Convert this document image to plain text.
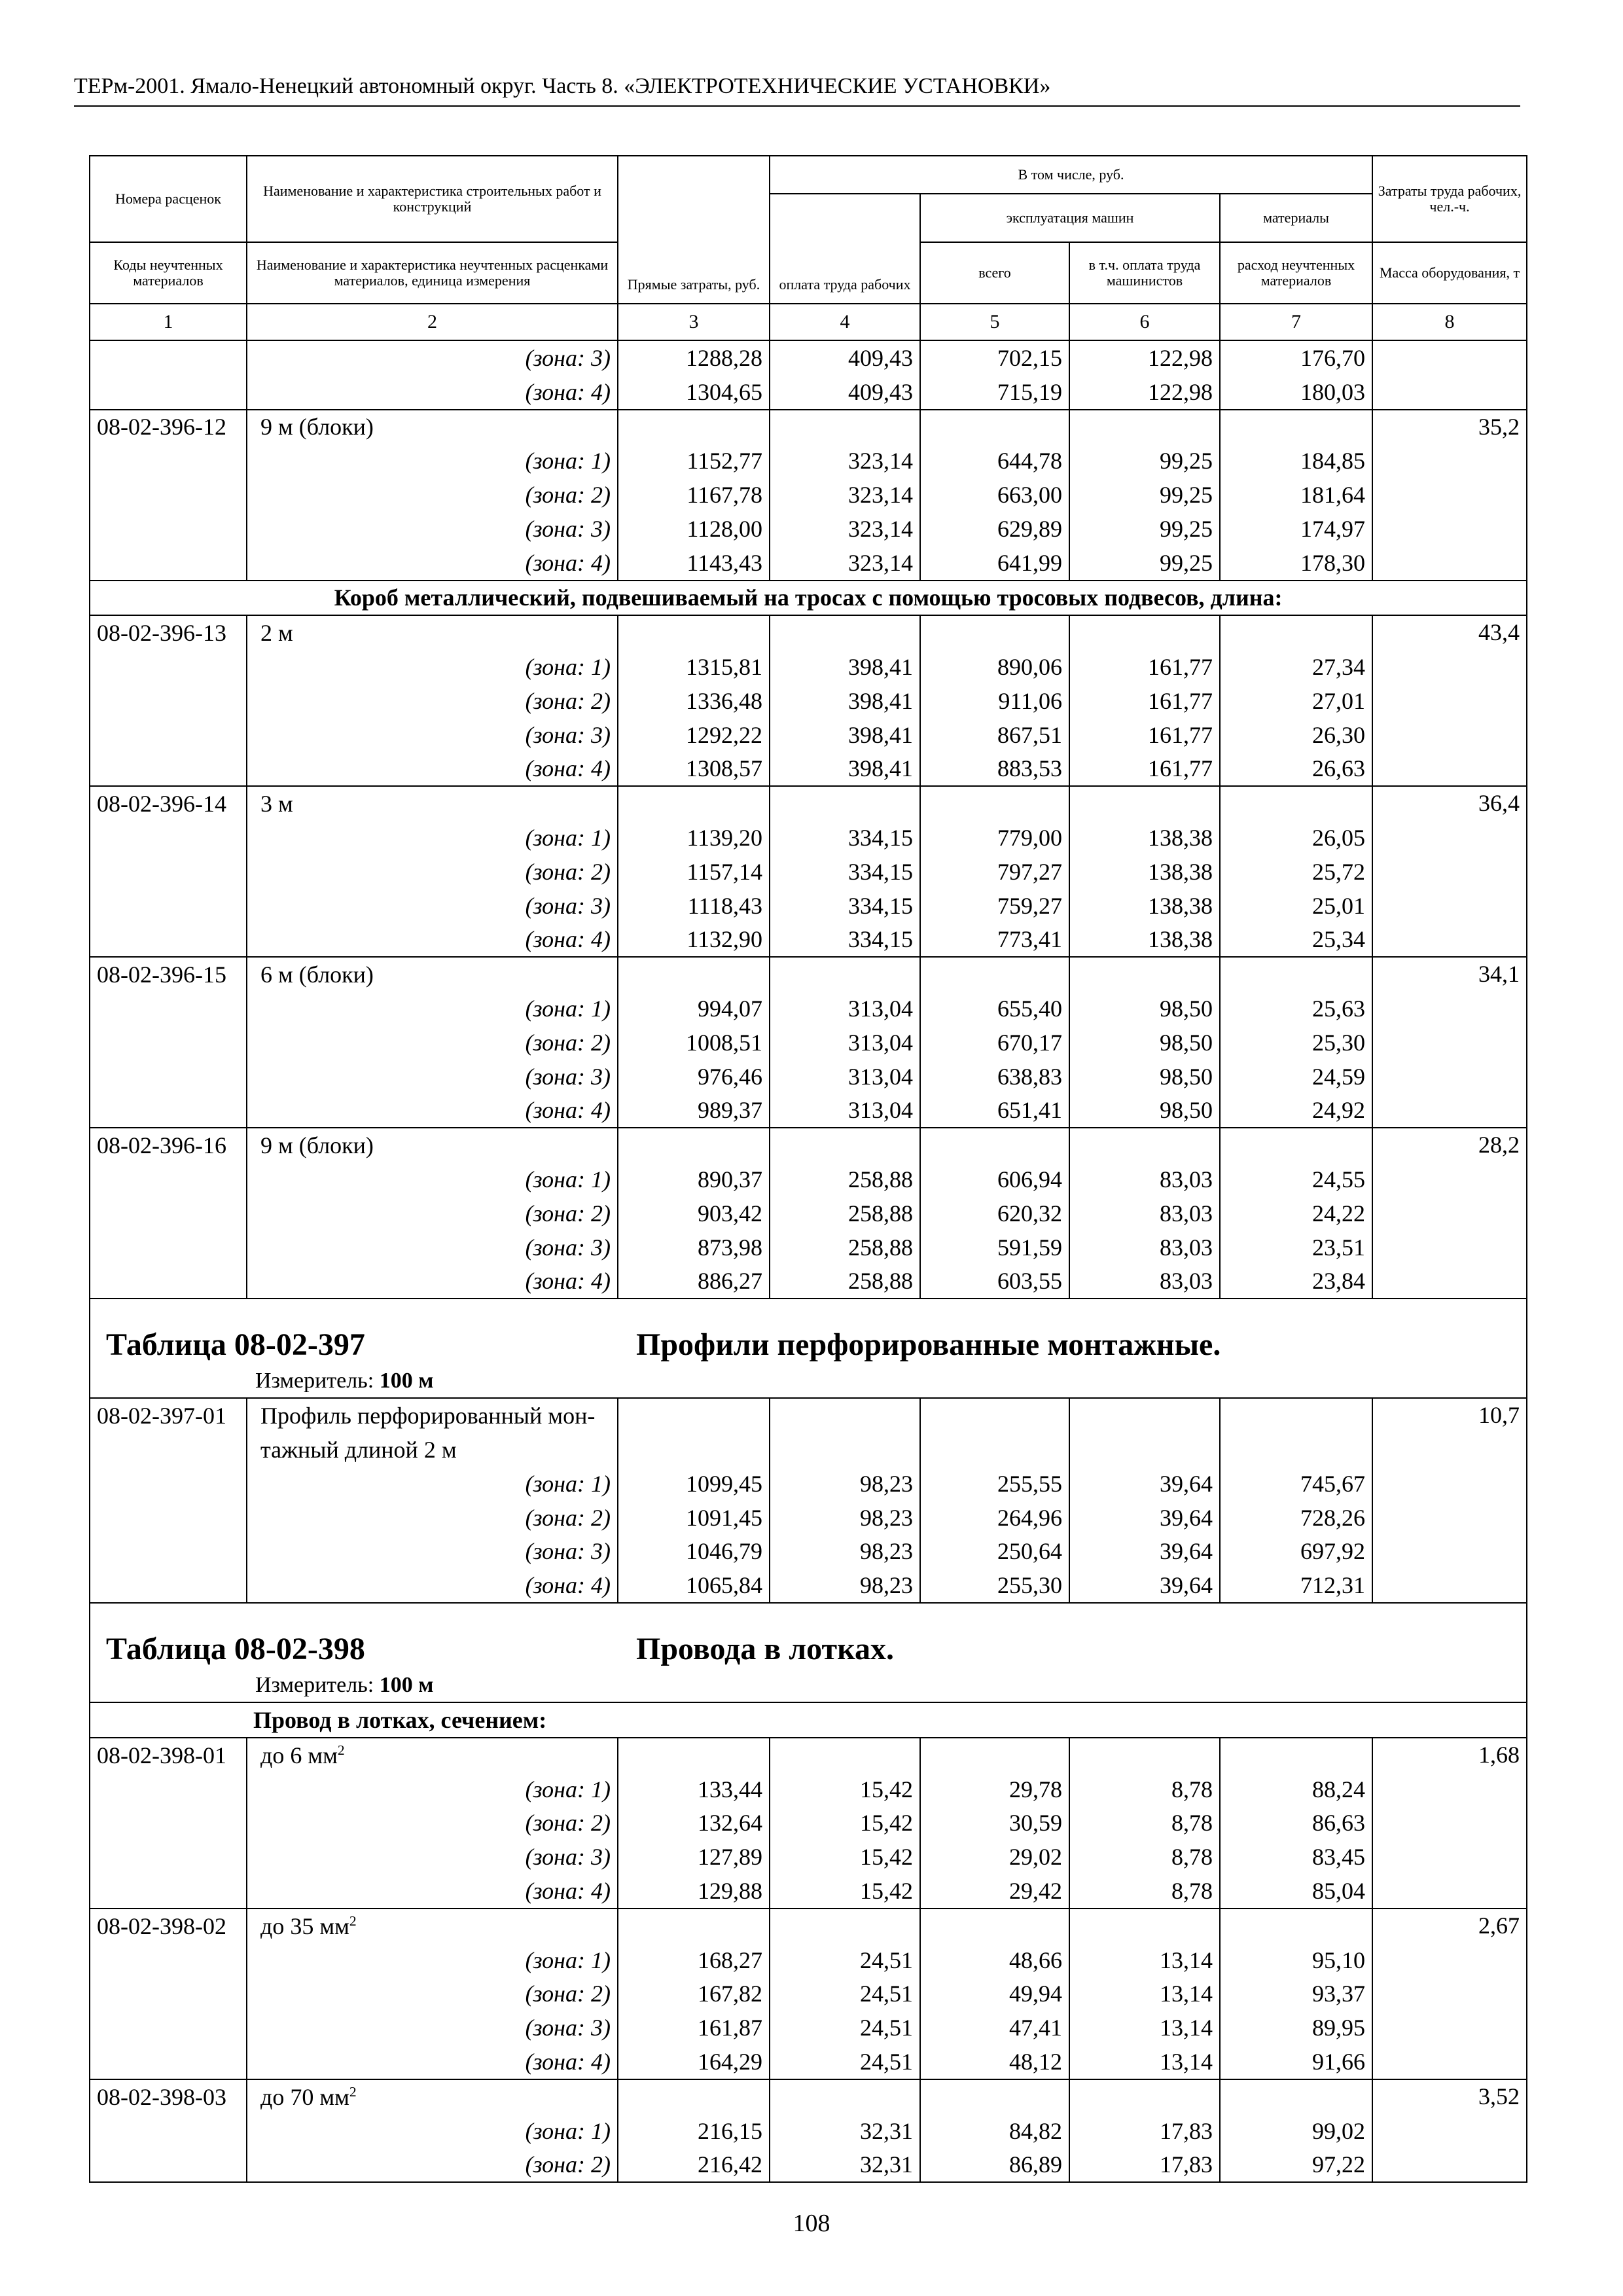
ТЕРм-2001. Ямало-Ненецкий автономный округ. Часть 8. «ЭЛЕКТРОТЕХНИЧЕСКИЕ УСТАНОВКИ»
Номера расценок	Наименование и характеристика строительных работ и конструкций	Прямые затраты, руб.	В том числе, руб.				Затраты труда рабочих, чел.-ч.
			оплата труда рабочих	эксплуатация машин		материалы	
Коды неучтенных материалов	Наименование и характеристика неучтенных расценками материалов, единица измерения			всего	в т.ч. оплата труда машинистов	расход неучтенных материалов	Масса оборудования, т
1	2	3	4	5	6	7	8
	(зона: 3)	1288,28	409,43	702,15	122,98	176,70	
	(зона: 4)	1304,65	409,43	715,19	122,98	180,03	
08-02-396-12	9 м (блоки)						35,2
	(зона: 1)	1152,77	323,14	644,78	99,25	184,85	
	(зона: 2)	1167,78	323,14	663,00	99,25	181,64	
	(зона: 3)	1128,00	323,14	629,89	99,25	174,97	
	(зона: 4)	1143,43	323,14	641,99	99,25	178,30	
Короб металлический, подвешиваемый на тросах с помощью тросовых подвесов, длина:							
08-02-396-13	2 м						43,4
	(зона: 1)	1315,81	398,41	890,06	161,77	27,34	
	(зона: 2)	1336,48	398,41	911,06	161,77	27,01	
	(зона: 3)	1292,22	398,41	867,51	161,77	26,30	
	(зона: 4)	1308,57	398,41	883,53	161,77	26,63	
08-02-396-14	3 м						36,4
	(зона: 1)	1139,20	334,15	779,00	138,38	26,05	
	(зона: 2)	1157,14	334,15	797,27	138,38	25,72	
	(зона: 3)	1118,43	334,15	759,27	138,38	25,01	
	(зона: 4)	1132,90	334,15	773,41	138,38	25,34	
08-02-396-15	6 м (блоки)						34,1
	(зона: 1)	994,07	313,04	655,40	98,50	25,63	
	(зона: 2)	1008,51	313,04	670,17	98,50	25,30	
	(зона: 3)	976,46	313,04	638,83	98,50	24,59	
	(зона: 4)	989,37	313,04	651,41	98,50	24,92	
08-02-396-16	9 м (блоки)						28,2
	(зона: 1)	890,37	258,88	606,94	83,03	24,55	
	(зона: 2)	903,42	258,88	620,32	83,03	24,22	
	(зона: 3)	873,98	258,88	591,59	83,03	23,51	
	(зона: 4)	886,27	258,88	603,55	83,03	23,84	

Таблица 08-02-397 Профили перфорированные монтажные.
Измеритель: 100 м							

08-02-397-01	Профиль перфорированный мон-						10,7
	тажный длиной 2 м						
	(зона: 1)	1099,45	98,23	255,55	39,64	745,67	
	(зона: 2)	1091,45	98,23	264,96	39,64	728,26	
	(зона: 3)	1046,79	98,23	250,64	39,64	697,92	
	(зона: 4)	1065,84	98,23	255,30	39,64	712,31	

Таблица 08-02-398 Провода в лотках.
Измеритель: 100 м							

	Провод в лотках, сечением:						
08-02-398-01	до 6 $мм^2$						1,68
	(зона: 1)	133,44	15,42	29,78	8,78	88,24	
	(зона: 2)	132,64	15,42	30,59	8,78	86,63	
	(зона: 3)	127,89	15,42	29,02	8,78	83,45	
	(зона: 4)	129,88	15,42	29,42	8,78	85,04	
08-02-398-02	до 35 $мм^2$						2,67
	(зона: 1)	168,27	24,51	48,66	13,14	95,10	
	(зона: 2)	167,82	24,51	49,94	13,14	93,37	
	(зона: 3)	161,87	24,51	47,41	13,14	89,95	
	(зона: 4)	164,29	24,51	48,12	13,14	91,66	
08-02-398-03	до 70 $мм^2$						3,52
	(зона: 1)	216,15	32,31	84,82	17,83	99,02	
	(зона: 2)	216,42	32,31	86,89	17,83	97,22	
108
